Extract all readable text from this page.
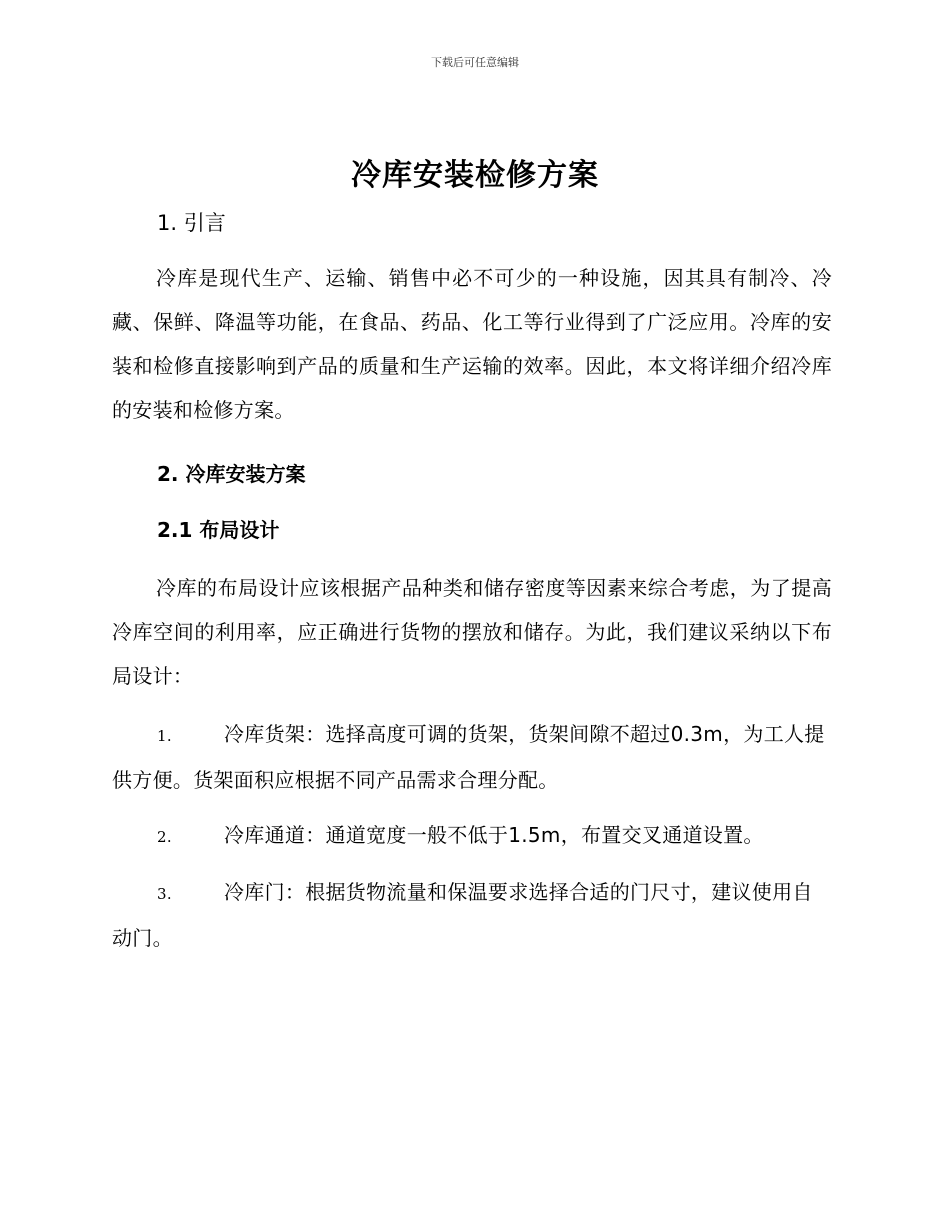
下载后可任意编辑
冷库安装检修方案
1. 引言
冷库是现代生产、运输、销售中必不可少的一种设施，因其具有制冷、冷藏、保鲜、降温等功能，在食品、药品、化工等行业得到了广泛应用。冷库的安装和检修直接影响到产品的质量和生产运输的效率。因此，本文将详细介绍冷库的安装和检修方案。
2. 冷库安装方案
2.1 布局设计
冷库的布局设计应该根据产品种类和储存密度等因素来综合考虑，为了提高冷库空间的利用率，应正确进行货物的摆放和储存。为此，我们建议采纳以下布局设计：
1.	冷库货架：选择高度可调的货架，货架间隙不超过0.3m，为工人提供方便。货架面积应根据不同产品需求合理分配。
2.	冷库通道：通道宽度一般不低于1.5m，布置交叉通道设置。
3.	冷库门：根据货物流量和保温要求选择合适的门尺寸，建议使用自动门。
